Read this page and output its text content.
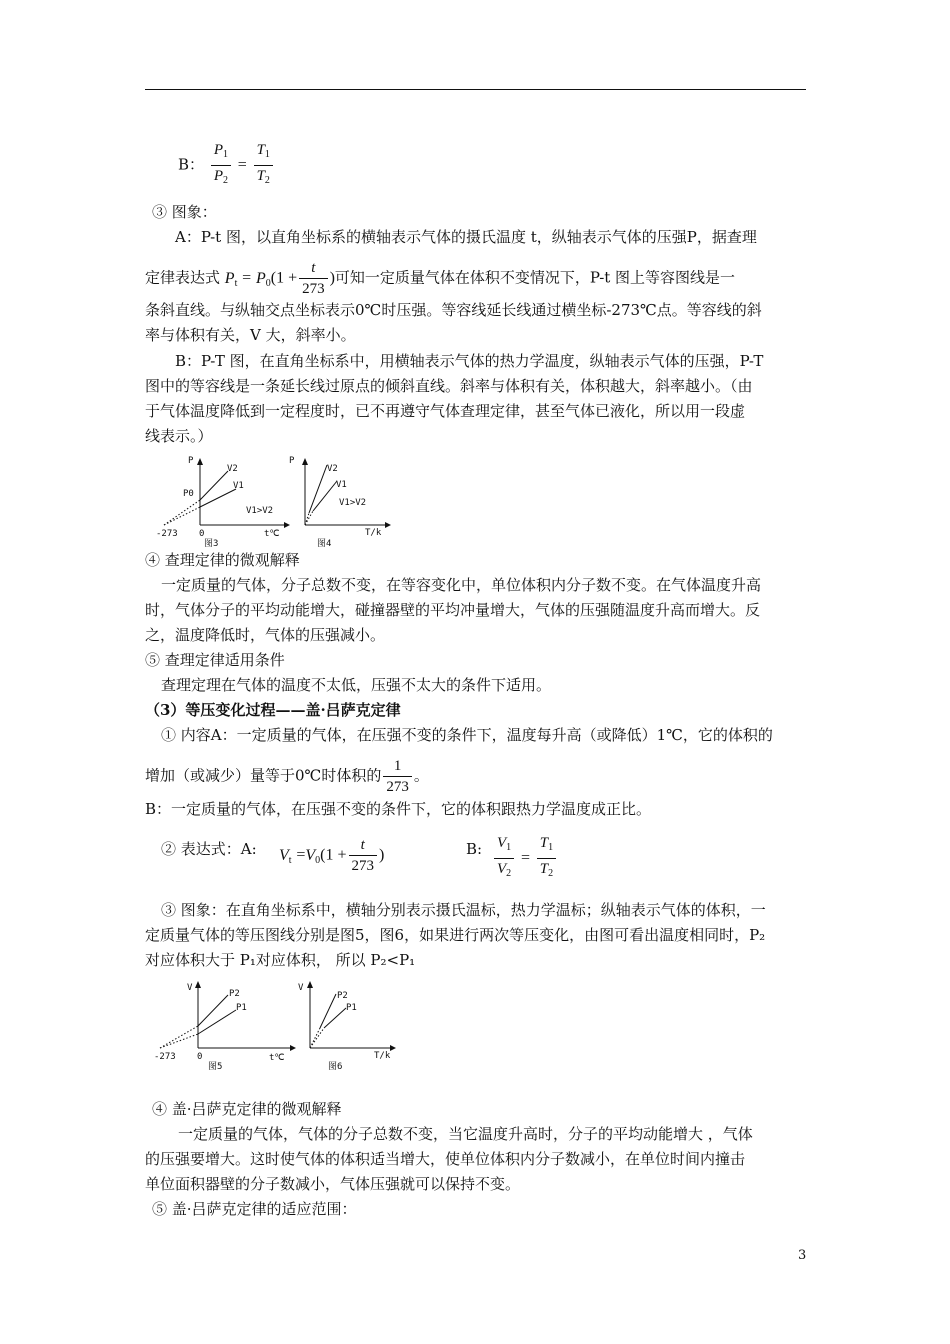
B： $\frac{P_1}{P_2} = \frac{T_1}{T_2}$
③ 图象：
A：P-t 图，以直角坐标系的横轴表示气体的摄氏温度 t，纵轴表示气体的压强P，据查理
定律表达式 $P_t = P_0(1 + \frac{t}{273}$ )可知一定质量气体在体积不变情况下，P-t 图上等容图线是一
条斜直线。与纵轴交点坐标表示0℃时压强。等容线延长线通过横坐标-273℃点。等容线的斜
率与体积有关，V 大，斜率小。
B：P-T 图，在直角坐标系中，用横轴表示气体的热力学温度，纵轴表示气体的压强，P-T
图中的等容线是一条延长线过原点的倾斜直线。斜率与体积有关，体积越大，斜率越小。（由
于气体温度降低到一定程度时，已不再遵守气体查理定律，甚至气体已液化，所以用一段虚
线表示。）
P
V2
V1
P0
V1>V2
-273 0	t℃
图3
P
V2
V1
V1>V2
T/k
图4
④ 查理定律的微观解释
一定质量的气体，分子总数不变，在等容变化中，单位体积内分子数不变。在气体温度升高
时，气体分子的平均动能增大，碰撞器壁的平均冲量增大，气体的压强随温度升高而增大。反
之，温度降低时，气体的压强减小。
⑤ 查理定律适用条件
查理定理在气体的温度不太低，压强不太大的条件下适用。
（3）等压变化过程——盖·吕萨克定律
① 内容A：一定质量的气体，在压强不变的条件下，温度每升高（或降低）1℃，它的体积的
增加（或减少）量等于0℃时体积的 $\frac{1}{273}$ 。
B：一定质量的气体，在压强不变的条件下，它的体积跟热力学温度成正比。
② 表达式：A: $V_t =V_0(1 + \frac{t}{273}$ )	B: $\frac{V_1}{V_2} = \frac{T_1}{T_2}$
③ 图象：在直角坐标系中，横轴分别表示摄氏温标，热力学温标；纵轴表示气体的体积，一
定质量气体的等压图线分别是图5，图6，如果进行两次等压变化，由图可看出温度相同时，P₂
对应体积大于 P₁对应体积， 所以 P₂<P₁
V
P2
P1
-273 0	t℃
图5
V
P2
P1
T/k
图6
④ 盖·吕萨克定律的微观解释
一定质量的气体，气体的分子总数不变，当它温度升高时，分子的平均动能增大 ，气体
的压强要增大。这时使气体的体积适当增大，使单位体积内分子数减小，在单位时间内撞击
单位面积器壁的分子数减小，气体压强就可以保持不变。
⑤ 盖·吕萨克定律的适应范围：
3
